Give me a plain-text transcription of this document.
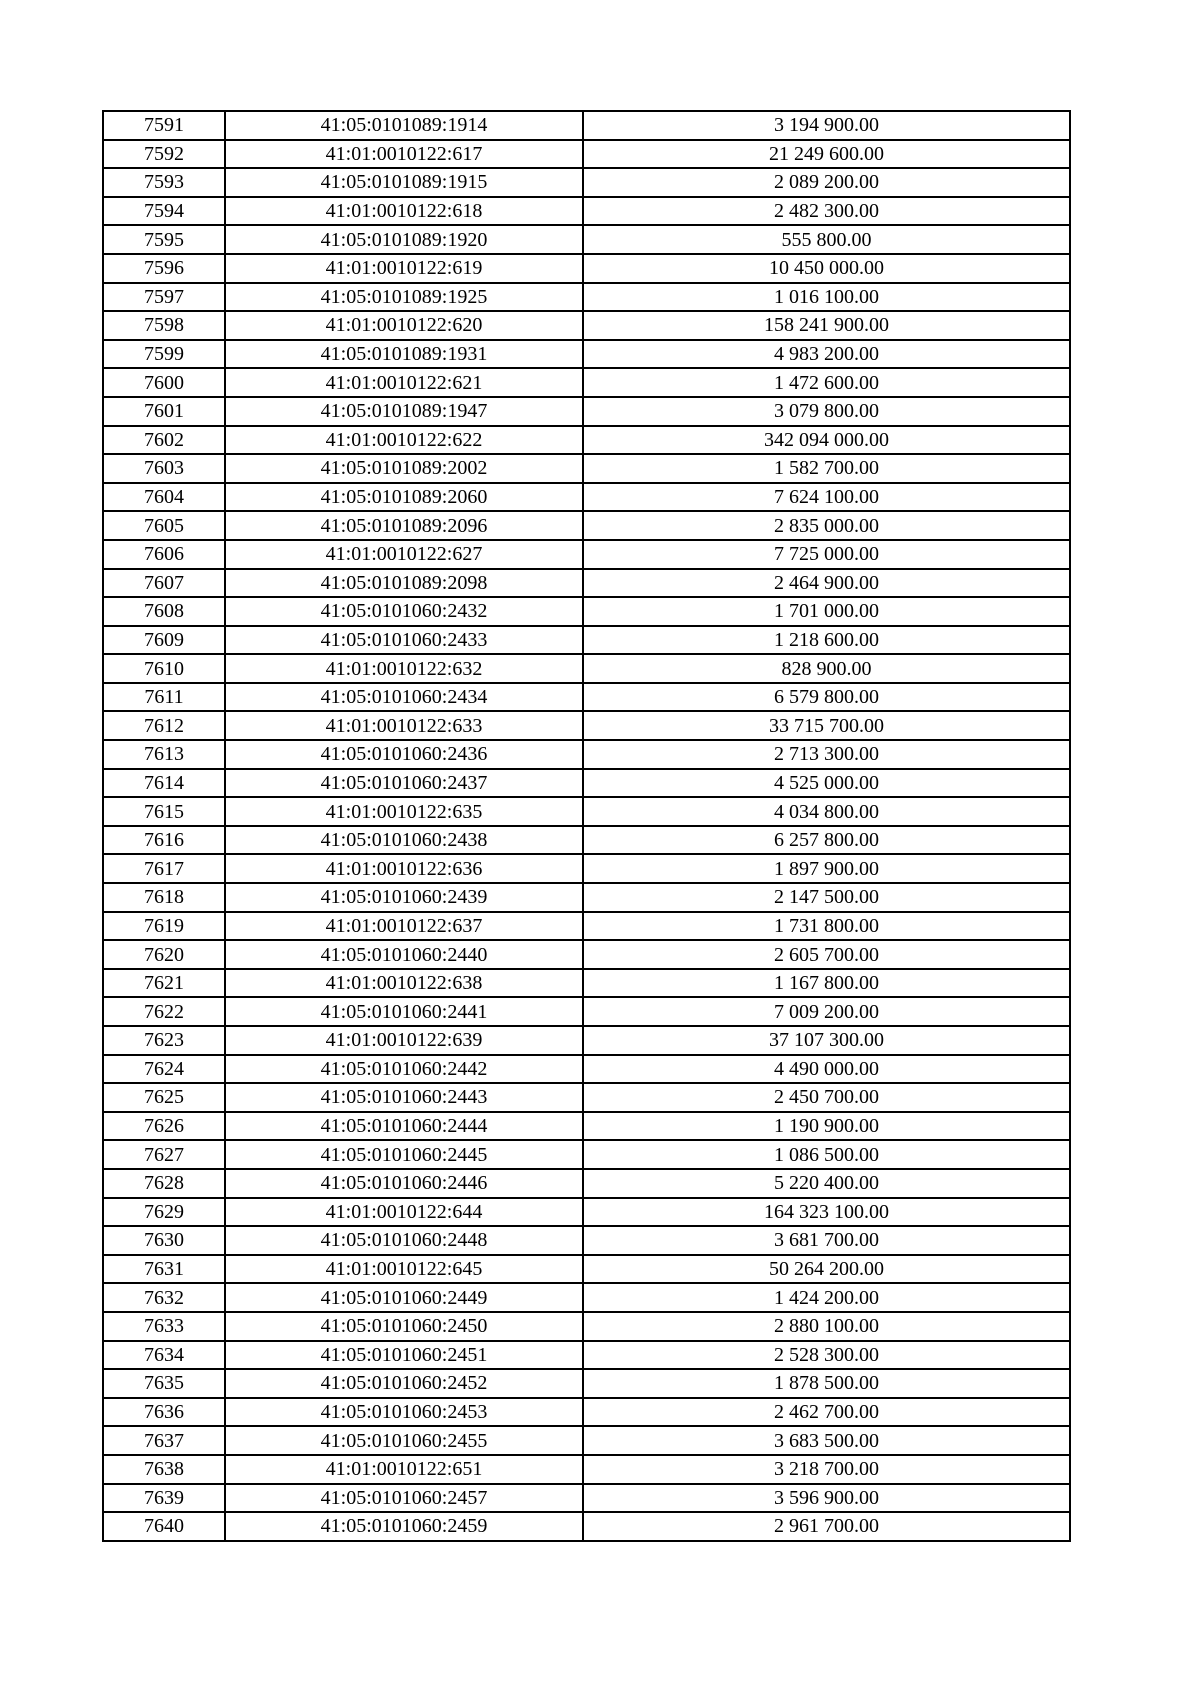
7591	41:05:0101089:1914	3 194 900.00
7592	41:01:0010122:617	21 249 600.00
7593	41:05:0101089:1915	2 089 200.00
7594	41:01:0010122:618	2 482 300.00
7595	41:05:0101089:1920	555 800.00
7596	41:01:0010122:619	10 450 000.00
7597	41:05:0101089:1925	1 016 100.00
7598	41:01:0010122:620	158 241 900.00
7599	41:05:0101089:1931	4 983 200.00
7600	41:01:0010122:621	1 472 600.00
7601	41:05:0101089:1947	3 079 800.00
7602	41:01:0010122:622	342 094 000.00
7603	41:05:0101089:2002	1 582 700.00
7604	41:05:0101089:2060	7 624 100.00
7605	41:05:0101089:2096	2 835 000.00
7606	41:01:0010122:627	7 725 000.00
7607	41:05:0101089:2098	2 464 900.00
7608	41:05:0101060:2432	1 701 000.00
7609	41:05:0101060:2433	1 218 600.00
7610	41:01:0010122:632	828 900.00
7611	41:05:0101060:2434	6 579 800.00
7612	41:01:0010122:633	33 715 700.00
7613	41:05:0101060:2436	2 713 300.00
7614	41:05:0101060:2437	4 525 000.00
7615	41:01:0010122:635	4 034 800.00
7616	41:05:0101060:2438	6 257 800.00
7617	41:01:0010122:636	1 897 900.00
7618	41:05:0101060:2439	2 147 500.00
7619	41:01:0010122:637	1 731 800.00
7620	41:05:0101060:2440	2 605 700.00
7621	41:01:0010122:638	1 167 800.00
7622	41:05:0101060:2441	7 009 200.00
7623	41:01:0010122:639	37 107 300.00
7624	41:05:0101060:2442	4 490 000.00
7625	41:05:0101060:2443	2 450 700.00
7626	41:05:0101060:2444	1 190 900.00
7627	41:05:0101060:2445	1 086 500.00
7628	41:05:0101060:2446	5 220 400.00
7629	41:01:0010122:644	164 323 100.00
7630	41:05:0101060:2448	3 681 700.00
7631	41:01:0010122:645	50 264 200.00
7632	41:05:0101060:2449	1 424 200.00
7633	41:05:0101060:2450	2 880 100.00
7634	41:05:0101060:2451	2 528 300.00
7635	41:05:0101060:2452	1 878 500.00
7636	41:05:0101060:2453	2 462 700.00
7637	41:05:0101060:2455	3 683 500.00
7638	41:01:0010122:651	3 218 700.00
7639	41:05:0101060:2457	3 596 900.00
7640	41:05:0101060:2459	2 961 700.00
